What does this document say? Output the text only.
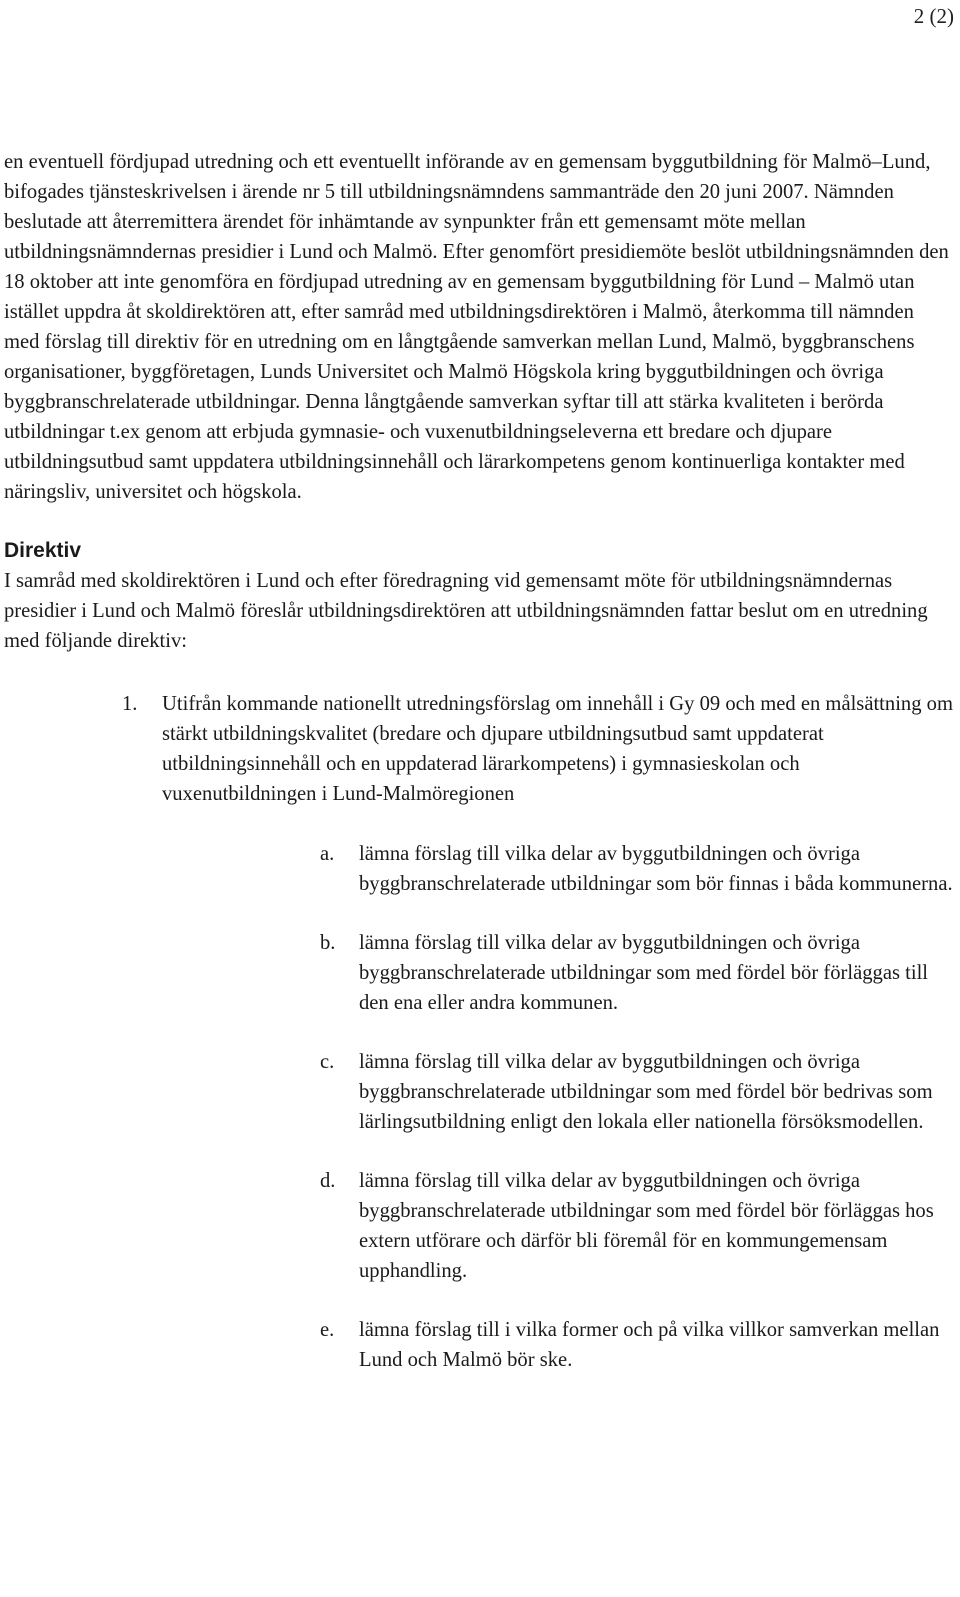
2 (2)

en eventuell fördjupad utredning och ett eventuellt införande av en gemensam byggutbildning för Malmö–Lund, bifogades tjänsteskrivelsen i ärende nr 5 till utbildningsnämndens sammanträde den 20 juni 2007. Nämnden beslutade att återremittera ärendet för inhämtande av synpunkter från ett gemensamt möte mellan utbildningsnämndernas presidier i Lund och Malmö. Efter genomfört presidiemöte beslöt utbildningsnämnden den 18 oktober att inte genomföra en fördjupad utredning av en gemensam byggutbildning för Lund – Malmö utan istället uppdra åt skoldirektören att, efter samråd med utbildningsdirektören i Malmö, återkomma till nämnden med förslag till direktiv för en utredning om en långtgående samverkan mellan Lund, Malmö, byggbranschens organisationer, byggföretagen, Lunds Universitet och Malmö Högskola kring byggutbildningen och övriga byggbranschrelaterade utbildningar. Denna långtgående samverkan syftar till att stärka kvaliteten i berörda utbildningar t.ex genom att erbjuda gymnasie- och vuxenutbildningseleverna ett bredare och djupare utbildningsutbud samt uppdatera utbildningsinnehåll och lärarkompetens genom kontinuerliga kontakter med näringsliv, universitet och högskola.

Direktiv

I samråd med skoldirektören i Lund och efter föredragning vid gemensamt möte för utbildningsnämndernas presidier i Lund och Malmö föreslår utbildningsdirektören att utbildningsnämnden fattar beslut om en utredning med följande direktiv:

1. Utifrån kommande nationellt utredningsförslag om innehåll i Gy 09 och med en målsättning om stärkt utbildningskvalitet (bredare och djupare utbildningsutbud samt uppdaterat utbildningsinnehåll och en uppdaterad lärarkompetens) i gymnasieskolan och vuxenutbildningen i Lund-Malmöregionen
a. lämna förslag till vilka delar av byggutbildningen och övriga byggbranschrelaterade utbildningar som bör finnas i båda kommunerna.
b. lämna förslag till vilka delar av byggutbildningen och övriga byggbranschrelaterade utbildningar som med fördel bör förläggas till den ena eller andra kommunen.
c. lämna förslag till vilka delar av byggutbildningen och övriga byggbranschrelaterade utbildningar som med fördel bör bedrivas som lärlingsutbildning enligt den lokala eller nationella försöksmodellen.
d. lämna förslag till vilka delar av byggutbildningen och övriga byggbranschrelaterade utbildningar som med fördel bör förläggas hos extern utförare och därför bli föremål för en kommungemensam upphandling.
e. lämna förslag till i vilka former och på vilka villkor samverkan mellan Lund och Malmö bör ske.
